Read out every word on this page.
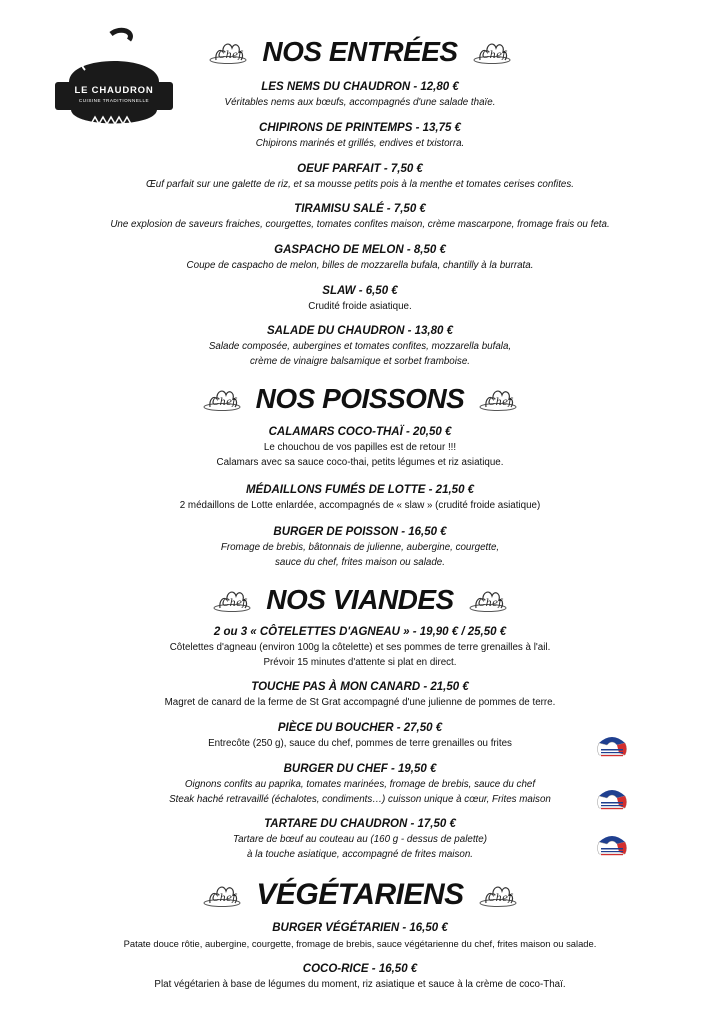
LE CHAUDRON
CUISINE TRADITIONNELLE
NOS ENTRÉES
LES NEMS DU CHAUDRON - 12,80 €
Véritables nems aux bœufs, accompagnés d'une salade thaïe.
CHIPIRONS DE PRINTEMPS - 13,75 €
Chipirons marinés et grillés, endives et txistorra.
OEUF PARFAIT - 7,50 €
Œuf parfait sur une galette de riz, et sa mousse petits pois à la menthe et tomates cerises confites.
TIRAMISU SALÉ - 7,50 €
Une explosion de saveurs fraiches, courgettes, tomates confites maison, crème mascarpone, fromage frais ou feta.
GASPACHO DE MELON - 8,50 €
Coupe de caspacho de melon, billes de mozzarella bufala, chantilly à la burrata.
SLAW - 6,50 €
Crudité froide asiatique.
SALADE DU CHAUDRON - 13,80 €
Salade composée, aubergines et tomates confites, mozzarella bufala,
crème de vinaigre balsamique et sorbet framboise.
NOS POISSONS
CALAMARS COCO-THAÏ - 20,50 €
Le chouchou de vos papilles est de retour !!!
Calamars avec sa sauce coco-thai, petits légumes et riz asiatique.
MÉDAILLONS FUMÉS DE LOTTE - 21,50 €
2 médaillons de Lotte enlardée, accompagnés de « slaw » (crudité froide asiatique)
BURGER DE POISSON - 16,50 €
Fromage de brebis, bâtonnais de julienne, aubergine, courgette,
sauce du chef, frites maison ou salade.
NOS VIANDES
2 ou 3 « CÔTELETTES D'AGNEAU » - 19,90 € / 25,50 €
Côtelettes d'agneau (environ 100g la côtelette) et ses pommes de terre grenailles à l'ail.
Prévoir 15 minutes d'attente si plat en direct.
TOUCHE PAS À MON CANARD - 21,50 €
Magret de canard de la ferme de St Grat accompagné d'une julienne de pommes de terre.
PIÈCE DU BOUCHER - 27,50 €
Entrecôte (250 g), sauce du chef, pommes de terre grenailles ou frites
BURGER DU CHEF - 19,50 €
Oignons confits au paprika, tomates marinées, fromage de brebis, sauce du chef
Steak haché retravaillé (échalotes, condiments…) cuisson unique à cœur, Frites maison
TARTARE DU CHAUDRON - 17,50 €
Tartare de bœuf au couteau au (160 g - dessus de palette)
à la touche asiatique, accompagné de frites maison.
VÉGÉTARIENS
BURGER VÉGÉTARIEN - 16,50 €
Patate douce rôtie, aubergine, courgette, fromage de brebis, sauce végétarienne du chef, frites maison ou salade.
COCO-RICE - 16,50 €
Plat végétarien à base de légumes du moment, riz asiatique et sauce à la crème de coco-Thaï.
